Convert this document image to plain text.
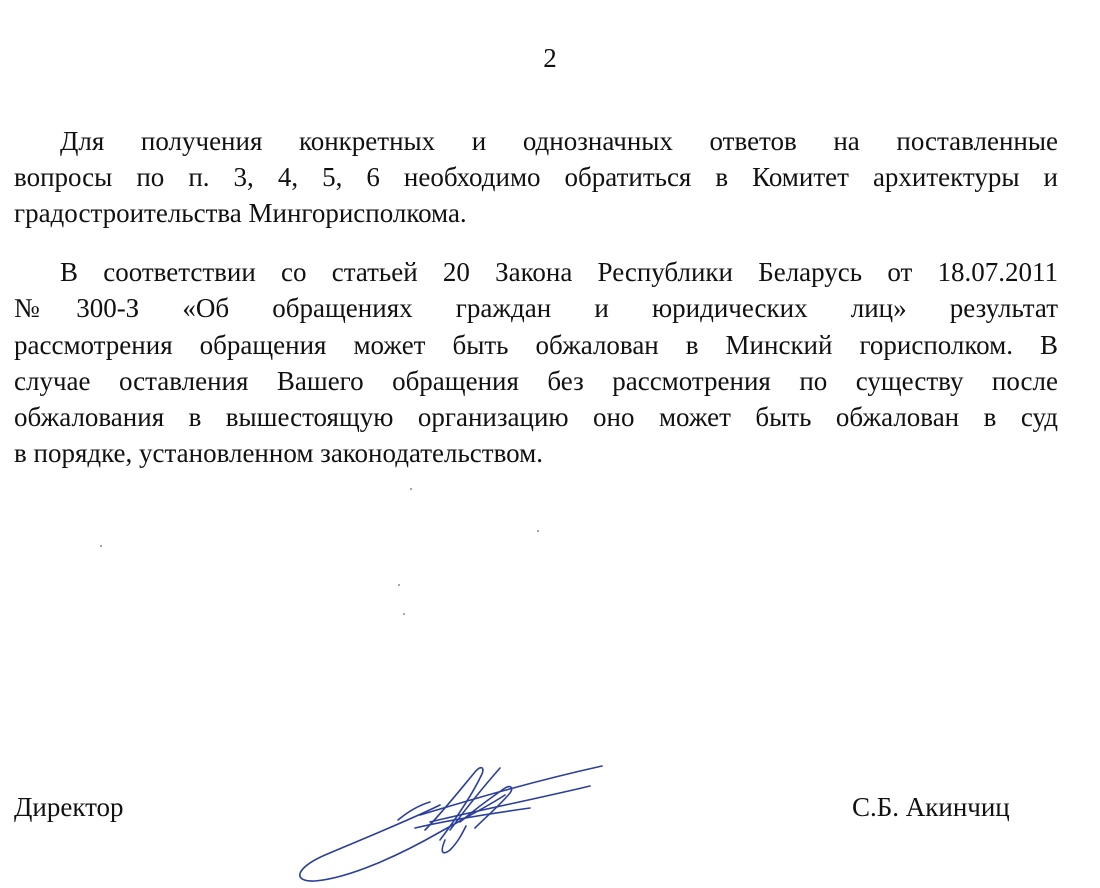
2
Для получения конкретных и однозначных ответов на поставленные
вопросы по п. 3, 4, 5, 6 необходимо обратиться в Комитет архитектуры и
градостроительства Мингорисполкома.
В соответствии со статьей 20 Закона Республики Беларусь от 18.07.2011
№300-З «Об обращениях граждан и юридических лиц» результат
рассмотрения обращения может быть обжалован в Минский горисполком. В
случае оставления Вашего обращения без рассмотрения по существу после
обжалования в вышестоящую организацию оно может быть обжалован в суд
в порядке, установленном законодательством.
Директор	С.Б. Акинчиц
